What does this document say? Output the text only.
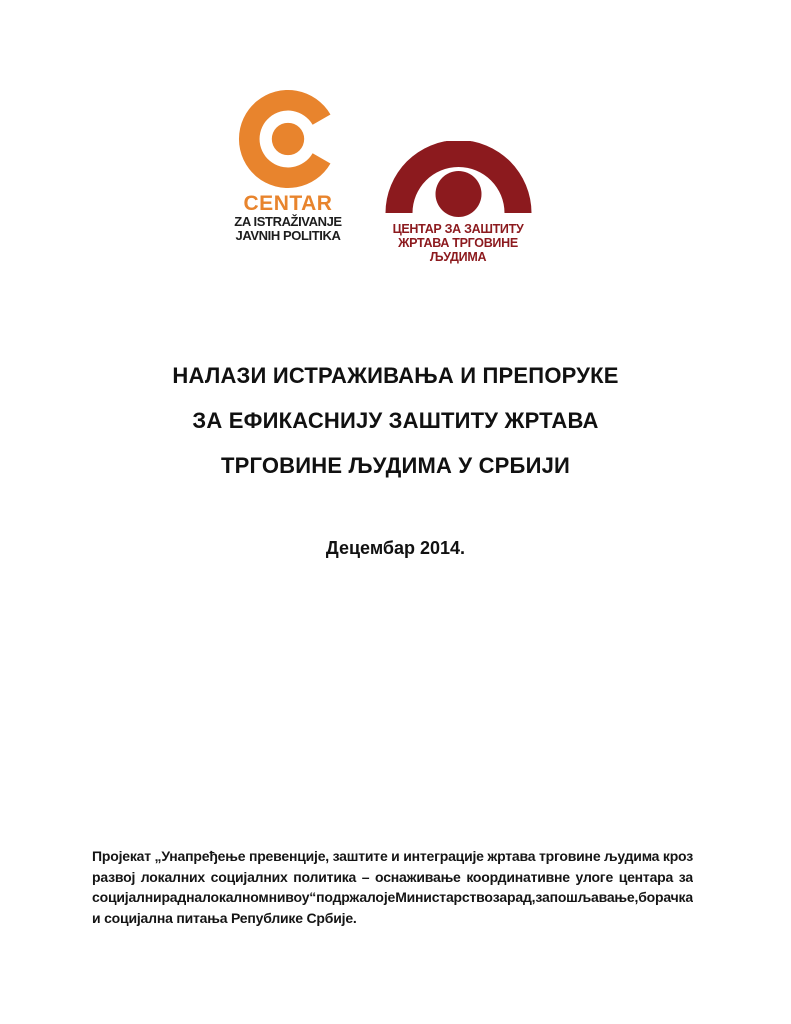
CENTAR
ZA ISTRAŽIVANJE
JAVNIH POLITIKA	ЦЕНТАР ЗА ЗАШТИТУ
ЖРТАВА ТРГОВИНЕ ЉУДИМА
НАЛАЗИ ИСТРАЖИВАЊА И ПРЕПОРУКЕ
ЗА ЕФИКАСНИЈУ ЗАШТИТУ ЖРТАВА
ТРГОВИНЕ ЉУДИМА У СРБИЈИ
Децембар 2014.
Пројекат „Унапређење превенције, заштите и интеграције жртава трговине људима кроз
развој локалних социјалних политика – оснаживање координативне улоге центара за
социјални рад на локалном нивоу“ подржало је Министарство за рад, запошљавање, борачка
и социјална питања Републике Србије.
